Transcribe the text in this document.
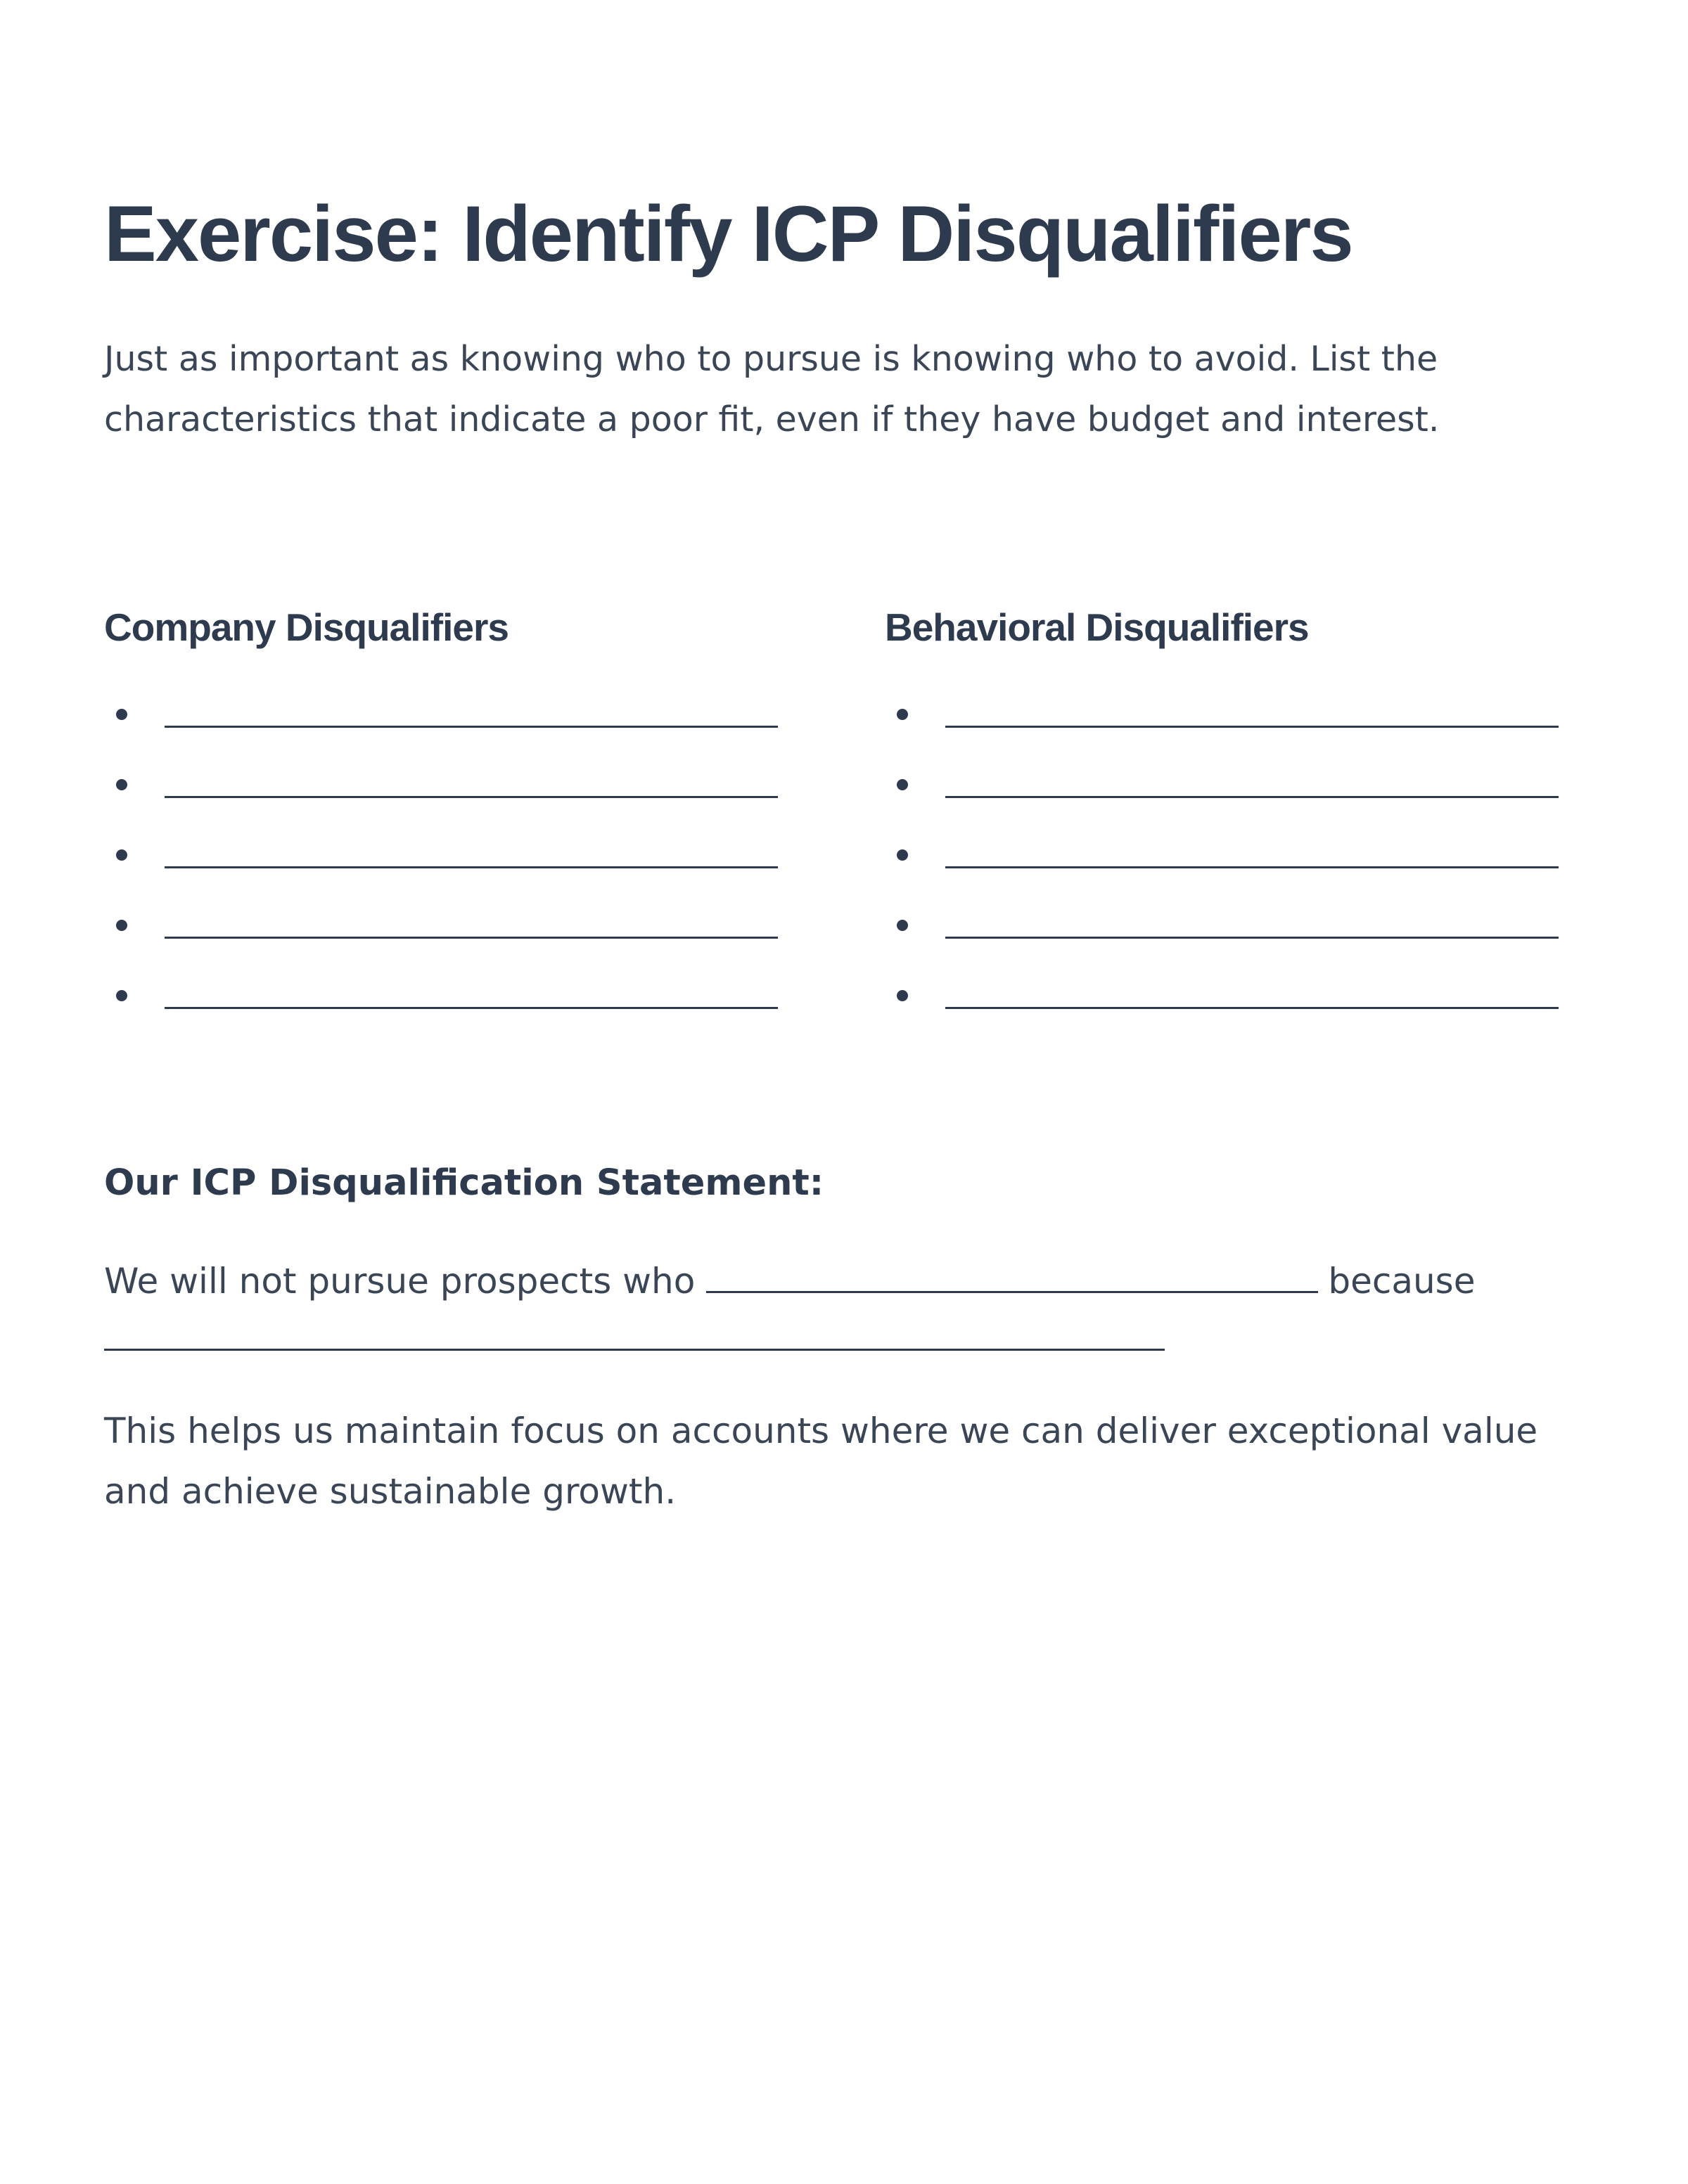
Exercise: Identify ICP Disqualifiers

Just as important as knowing who to pursue is knowing who to avoid. List the characteristics that indicate a poor fit, even if they have budget and interest.

Company Disqualifiers	Behavioral Disqualifiers
Our ICP Disqualification Statement:
We will not pursue prospects who	because

This helps us maintain focus on accounts where we can deliver exceptional value and achieve sustainable growth.
